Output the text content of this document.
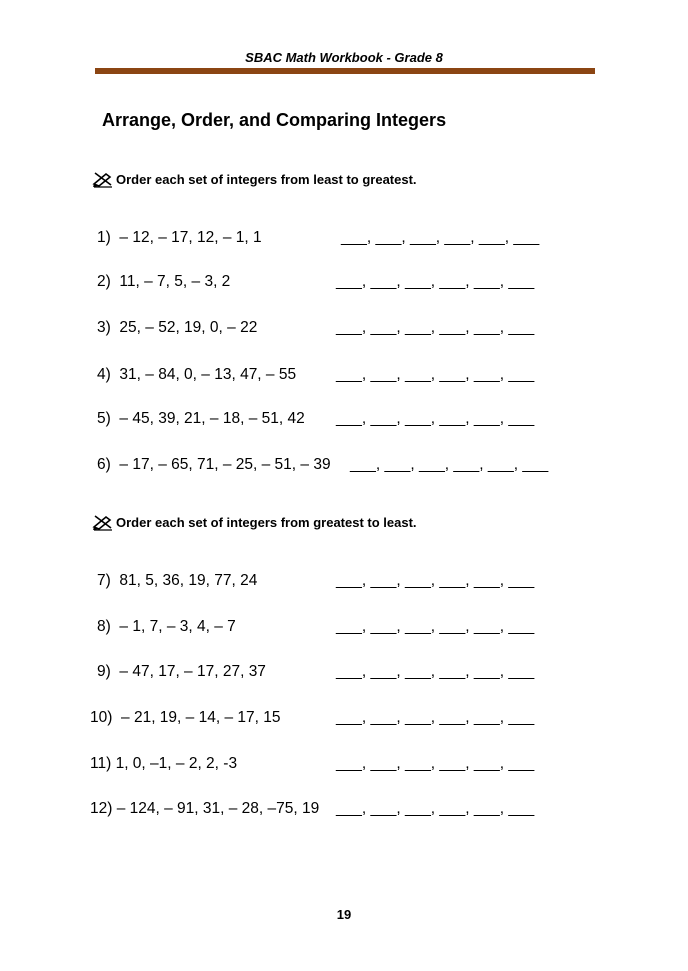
SBAC Math Workbook - Grade 8
Arrange, Order, and Comparing Integers
Order each set of integers from least to greatest.
1) – 12, – 17, 12, – 1, 1	___, ___, ___, ___, ___, ___
2) 11, – 7, 5, – 3, 2	___, ___, ___, ___, ___, ___
3) 25, – 52, 19, 0, – 22	___, ___, ___, ___, ___, ___
4) 31, – 84, 0, – 13, 47, – 55	___, ___, ___, ___, ___, ___
5) – 45, 39, 21, – 18, – 51, 42 ___, ___, ___, ___, ___, ___
6) – 17, – 65, 71, – 25, – 51, – 39 ___, ___, ___, ___, ___, ___
Order each set of integers from greatest to least.
7) 81, 5, 36, 19, 77, 24	___, ___, ___, ___, ___, ___
8) – 1, 7, – 3, 4, – 7	___, ___, ___, ___, ___, ___
9) – 47, 17, – 17, 27, 37	___, ___, ___, ___, ___, ___
10) – 21, 19, – 14, – 17, 15	___, ___, ___, ___, ___, ___
11) 1, 0, –1, – 2, 2, -3	___, ___, ___, ___, ___, ___
12) – 124, – 91, 31, – 28, –75, 19 ___, ___, ___, ___, ___, ___
19
